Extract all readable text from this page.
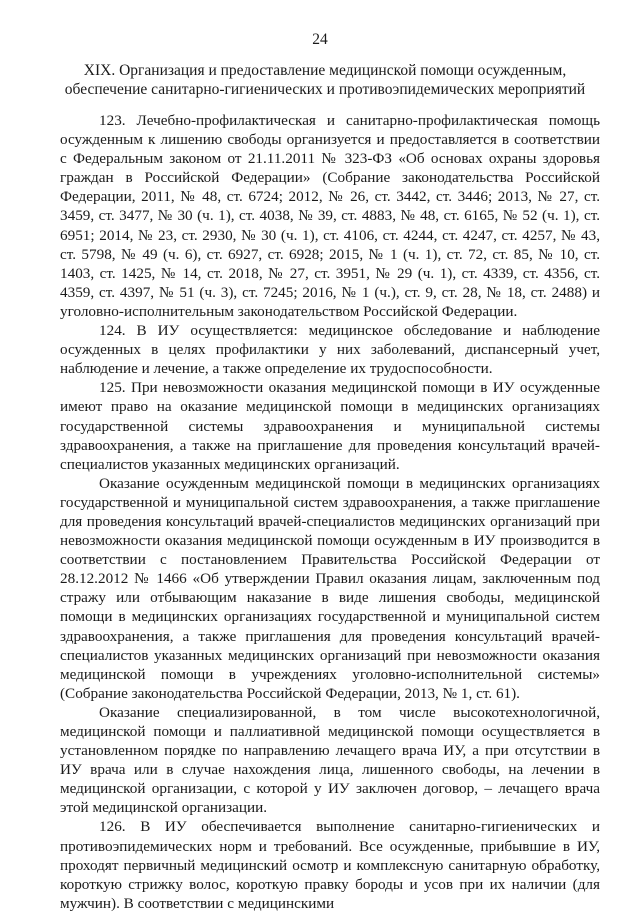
24
XIX. Организация и предоставление медицинской помощи осужденным, обеспечение санитарно-гигиенических и противоэпидемических мероприятий

123. Лечебно-профилактическая и санитарно-профилактическая помощь осужденным к лишению свободы организуется и предоставляется в соответствии с Федеральным законом от 21.11.2011 № 323-ФЗ «Об основах охраны здоровья граждан в Российской Федерации» (Собрание законодательства Российской Федерации, 2011, № 48, ст. 6724; 2012, № 26, ст. 3442, ст. 3446; 2013, № 27, ст. 3459, ст. 3477, № 30 (ч. 1), ст. 4038, № 39, ст. 4883, № 48, ст. 6165, № 52 (ч. 1), ст. 6951; 2014, № 23, ст. 2930, № 30 (ч. 1), ст. 4106, ст. 4244, ст. 4247, ст. 4257, № 43, ст. 5798, № 49 (ч. 6), ст. 6927, ст. 6928; 2015, № 1 (ч. 1), ст. 72, ст. 85, № 10, ст. 1403, ст. 1425, № 14, ст. 2018, № 27, ст. 3951, № 29 (ч. 1), ст. 4339, ст. 4356, ст. 4359, ст. 4397, № 51 (ч. 3), ст. 7245; 2016, № 1 (ч.), ст. 9, ст. 28, № 18, ст. 2488) и уголовно-исполнительным законодательством Российской Федерации.

124. В ИУ осуществляется: медицинское обследование и наблюдение осужденных в целях профилактики у них заболеваний, диспансерный учет, наблюдение и лечение, а также определение их трудоспособности.

125. При невозможности оказания медицинской помощи в ИУ осужденные имеют право на оказание медицинской помощи в медицинских организациях государственной системы здравоохранения и муниципальной системы здравоохранения, а также на приглашение для проведения консультаций врачей-специалистов указанных медицинских организаций.

Оказание осужденным медицинской помощи в медицинских организациях государственной и муниципальной систем здравоохранения, а также приглашение для проведения консультаций врачей-специалистов медицинских организаций при невозможности оказания медицинской помощи осужденным в ИУ производится в соответствии с постановлением Правительства Российской Федерации от 28.12.2012 № 1466 «Об утверждении Правил оказания лицам, заключенным под стражу или отбывающим наказание в виде лишения свободы, медицинской помощи в медицинских организациях государственной и муниципальной систем здравоохранения, а также приглашения для проведения консультаций врачей-специалистов указанных медицинских организаций при невозможности оказания медицинской помощи в учреждениях уголовно-исполнительной системы» (Собрание законодательства Российской Федерации, 2013, № 1, ст. 61).

Оказание специализированной, в том числе высокотехнологичной, медицинской помощи и паллиативной медицинской помощи осуществляется в установленном порядке по направлению лечащего врача ИУ, а при отсутствии в ИУ врача или в случае нахождения лица, лишенного свободы, на лечении в медицинской организации, с которой у ИУ заключен договор, – лечащего врача этой медицинской организации.

126. В ИУ обеспечивается выполнение санитарно-гигиенических и противоэпидемических норм и требований. Все осужденные, прибывшие в ИУ, проходят первичный медицинский осмотр и комплексную санитарную обработку, короткую стрижку волос, короткую правку бороды и усов при их наличии (для мужчин). В соответствии с медицинскими
